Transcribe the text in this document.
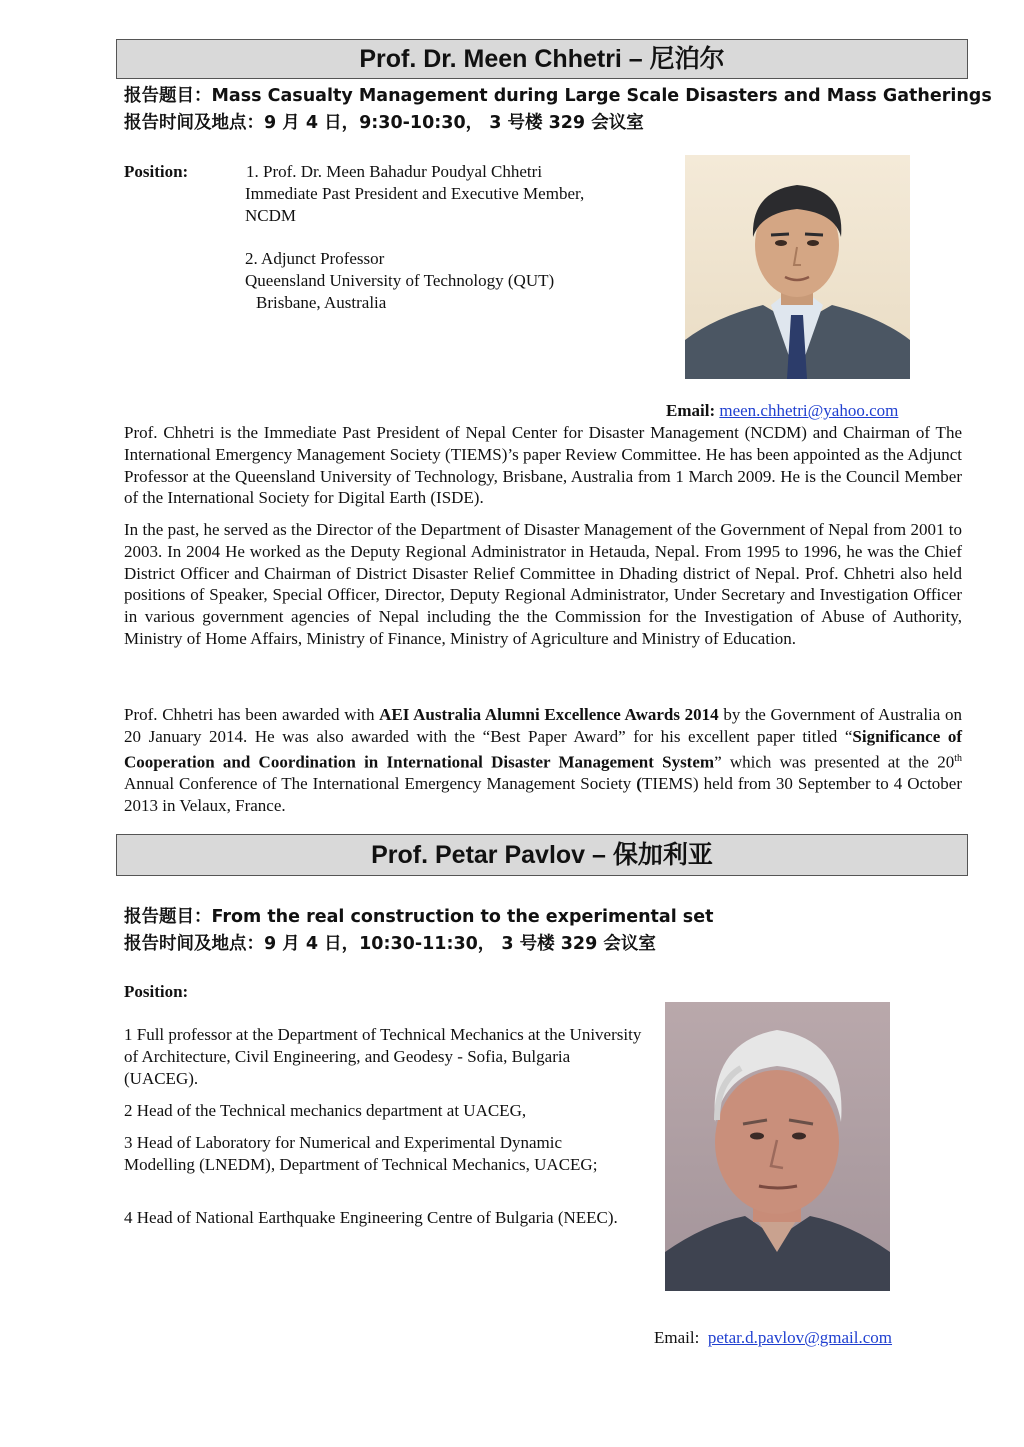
Prof. Dr. Meen Chhetri – 尼泊尔
报告题目：Mass Casualty Management during Large Scale Disasters and Mass Gatherings
报告时间及地点：9 月 4 日，9:30-10:30， 3 号楼 329 会议室
Position:	1. Prof. Dr. Meen Bahadur Poudyal Chhetri
Immediate Past President and Executive Member,
NCDM
2. Adjunct Professor
Queensland University of Technology (QUT)
Brisbane, Australia
Email: meen.chhetri@yahoo.com
Prof. Chhetri is the Immediate Past President of Nepal Center for Disaster Management (NCDM) and Chairman of The International Emergency Management Society (TIEMS)’s paper Review Committee. He has been appointed as the Adjunct Professor at the Queensland University of Technology, Brisbane, Australia from 1 March 2009. He is the Council Member of the International Society for Digital Earth (ISDE).
In the past, he served as the Director of the Department of Disaster Management of the Government of Nepal from 2001 to 2003. In 2004 He worked as the Deputy Regional Administrator in Hetauda, Nepal. From 1995 to 1996, he was the Chief District Officer and Chairman of District Disaster Relief Committee in Dhading district of Nepal. Prof. Chhetri also held positions of Speaker, Special Officer, Director, Deputy Regional Administrator, Under Secretary and Investigation Officer in various government agencies of Nepal including the the Commission for the Investigation of Abuse of Authority, Ministry of Home Affairs, Ministry of Finance, Ministry of Agriculture and Ministry of Education.
Prof. Chhetri has been awarded with AEI Australia Alumni Excellence Awards 2014 by the Government of Australia on 20 January 2014. He was also awarded with the “Best Paper Award” for his excellent paper titled “Significance of Cooperation and Coordination in International Disaster Management System” which was presented at the 20th Annual Conference of The International Emergency Management Society (TIEMS) held from 30 September to 4 October 2013 in Velaux, France.
Prof. Petar Pavlov – 保加利亚
报告题目：From the real construction to the experimental set
报告时间及地点：9 月 4 日，10:30-11:30， 3 号楼 329 会议室
Position:
1 Full professor at the Department of Technical Mechanics at the University of Architecture, Civil Engineering, and Geodesy - Sofia, Bulgaria (UACEG).
2 Head of the Technical mechanics department at UACEG,
3 Head of Laboratory for Numerical and Experimental Dynamic Modelling (LNEDM), Department of Technical Mechanics, UACEG;
4 Head of National Earthquake Engineering Centre of Bulgaria (NEEC).
Email: petar.d.pavlov@gmail.com
